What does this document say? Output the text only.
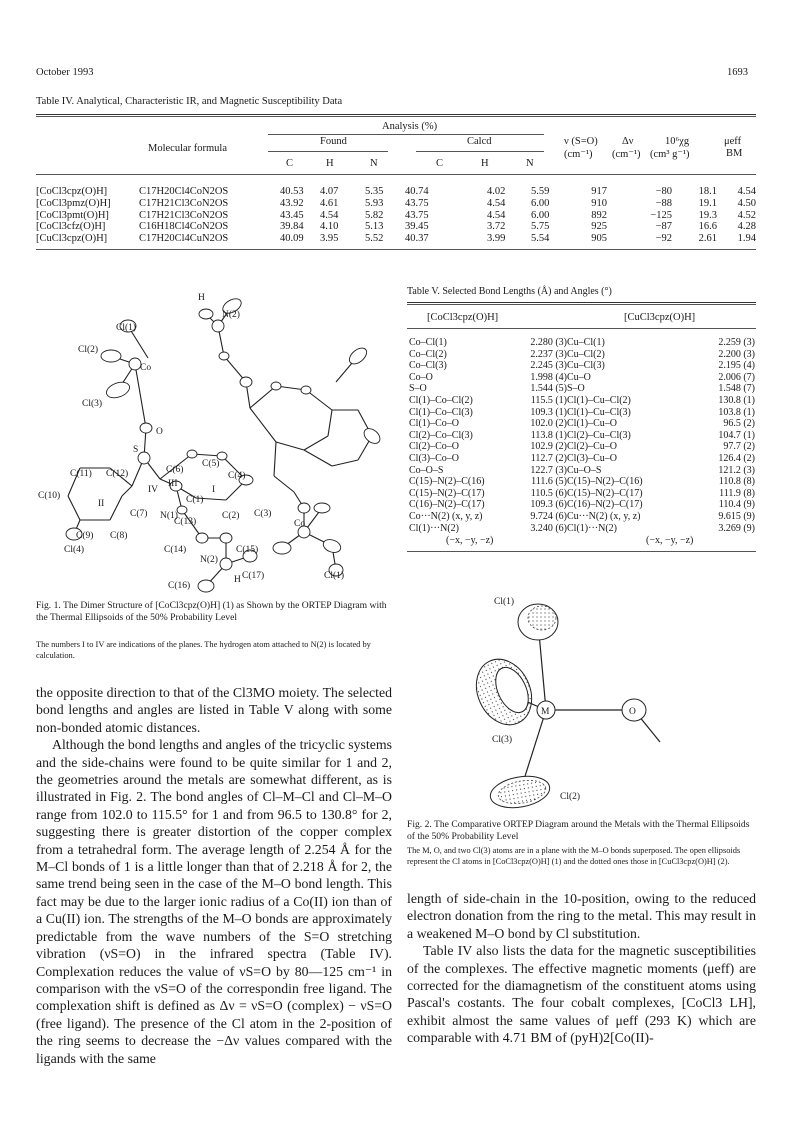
October 1993	1693
Table IV. Analytical, Characteristic IR, and Magnetic Susceptibility Data
Analysis (%)
Found	Calcd
Molecular formula
ν (S=O)
(cm⁻¹)
Δν
(cm⁻¹)
10⁶χg
(cm³ g⁻¹)
μeff
BM
C	H	N	C	H	N
[CoCl3cpz(O)H]	C17H20Cl4CoN2OS	40.53	4.07	5.35	40.74	4.02	5.59	917	−80	18.1	4.54
[CoCl3pmz(O)H]	C17H21Cl3CoN2OS	43.92	4.61	5.93	43.75	4.54	6.00	910	−88	19.1	4.50
[CoCl3pmt(O)H]	C17H21Cl3CoN2OS	43.45	4.54	5.82	43.75	4.54	6.00	892	−125	19.3	4.52
[CoCl3cfz(O)H]	C16H18Cl4CoN2OS	39.84	4.10	5.13	39.45	3.72	5.75	925	−87	16.6	4.28
[CuCl3cpz(O)H]	C17H20Cl4CuN2OS	40.09	3.95	5.52	40.37	3.99	5.54	905	−92	2.61	1.94
H
N(2)
Cl(1)
Cl(2)
Co
Cl(3)
O
S
C(6)
C(5)
C(11) C(12)
IV
III
C(4)
I
II
C(10)
C(7) N(1)
C(1)
C(2) C(3)
C(13)
C(9) C(8)
Cl(4)	C(14)	C(15)
C(17)
N(2)
H
C(16)
Co
Cl(1)
Fig. 1. The Dimer Structure of [CoCl3cpz(O)H] (1) as Shown by the ORTEP Diagram with the Thermal Ellipsoids of the 50% Probability Level
The numbers I to IV are indications of the planes. The hydrogen atom attached to N(2) is located by calculation.
Table V. Selected Bond Lengths (Å) and Angles (°)
[CoCl3cpz(O)H]	[CuCl3cpz(O)H]
Co–Cl(1)	2.280 (3)	Cu–Cl(1)	2.259 (3)
Co–Cl(2)	2.237 (3)	Cu–Cl(2)	2.200 (3)
Co–Cl(3)	2.245 (3)	Cu–Cl(3)	2.195 (4)
Co–O	1.998 (4)	Cu–O	2.006 (7)
S–O	1.544 (5)	S–O	1.548 (7)
Cl(1)–Co–Cl(2)	115.5 (1)	Cl(1)–Cu–Cl(2)	130.8 (1)
Cl(1)–Co–Cl(3)	109.3 (1)	Cl(1)–Cu–Cl(3)	103.8 (1)
Cl(1)–Co–O	102.0 (2)	Cl(1)–Cu–O	96.5 (2)
Cl(2)–Co–Cl(3)	113.8 (1)	Cl(2)–Cu–Cl(3)	104.7 (1)
Cl(2)–Co–O	102.9 (2)	Cl(2)–Cu–O	97.7 (2)
Cl(3)–Co–O	112.7 (2)	Cl(3)–Cu–O	126.4 (2)
Co–O–S	122.7 (3)	Cu–O–S	121.2 (3)
C(15)–N(2)–C(16)	111.6 (5)	C(15)–N(2)–C(16)	110.8 (8)
C(15)–N(2)–C(17)	110.5 (6)	C(15)–N(2)–C(17)	111.9 (8)
C(16)–N(2)–C(17)	109.3 (6)	C(16)–N(2)–C(17)	110.4 (9)
Co···N(2) (x, y, z)	9.724 (6)	Cu···N(2) (x, y, z)	9.615 (9)
Cl(1)···N(2)	3.240 (6)	Cl(1)···N(2)	3.269 (9)
(−x, −y, −z)	(−x, −y, −z)
Cl(1)
M	O
Cl(3)
Cl(2)
Fig. 2. The Comparative ORTEP Diagram around the Metals with the Thermal Ellipsoids of the 50% Probability Level
The M, O, and two Cl(3) atoms are in a plane with the M–O bonds superposed. The open ellipsoids represent the Cl atoms in [CoCl3cpz(O)H] (1) and the dotted ones those in [CuCl3cpz(O)H] (2).

the opposite direction to that of the Cl3MO moiety. The selected bond lengths and angles are listed in Table V along with some non-bonded atomic distances.

Although the bond lengths and angles of the tricyclic systems and the side-chains were found to be quite similar for 1 and 2, the geometries around the metals are somewhat different, as is illustrated in Fig. 2. The bond angles of Cl–M–Cl and Cl–M–O range from 102.0 to 115.5° for 1 and from 96.5 to 130.8° for 2, suggesting there is greater distortion of the copper complex from a tetrahedral form. The average length of 2.254 Å for the M–Cl bonds of 1 is a little longer than that of 2.218 Å for 2, the same trend being seen in the case of the M–O bond length. This fact may be due to the larger ionic radius of a Co(II) ion than of a Cu(II) ion. The strengths of the M–O bonds are approximately predictable from the wave numbers of the S=O stretching vibration (νS=O) in the infrared spectra (Table IV). Complexation reduces the value of νS=O by 80—125 cm⁻¹ in comparison with the νS=O of the correspondin free ligand. The complexation shift is defined as Δν = νS=O (complex) − νS=O (free ligand). The presence of the Cl atom in the 2-position of the ring seems to decrease the −Δν values compared with the ligands with the same

length of side-chain in the 10-position, owing to the reduced electron donation from the ring to the metal. This may result in a weakened M–O bond by Cl substitution.

Table IV also lists the data for the magnetic susceptibilities of the complexes. The effective magnetic moments (μeff) are corrected for the diamagnetism of the constituent atoms using Pascal's costants. The four cobalt complexes, [CoCl3 LH], exhibit almost the same values of μeff (293 K) which are comparable with 4.71 BM of (pyH)2[Co(II)-
